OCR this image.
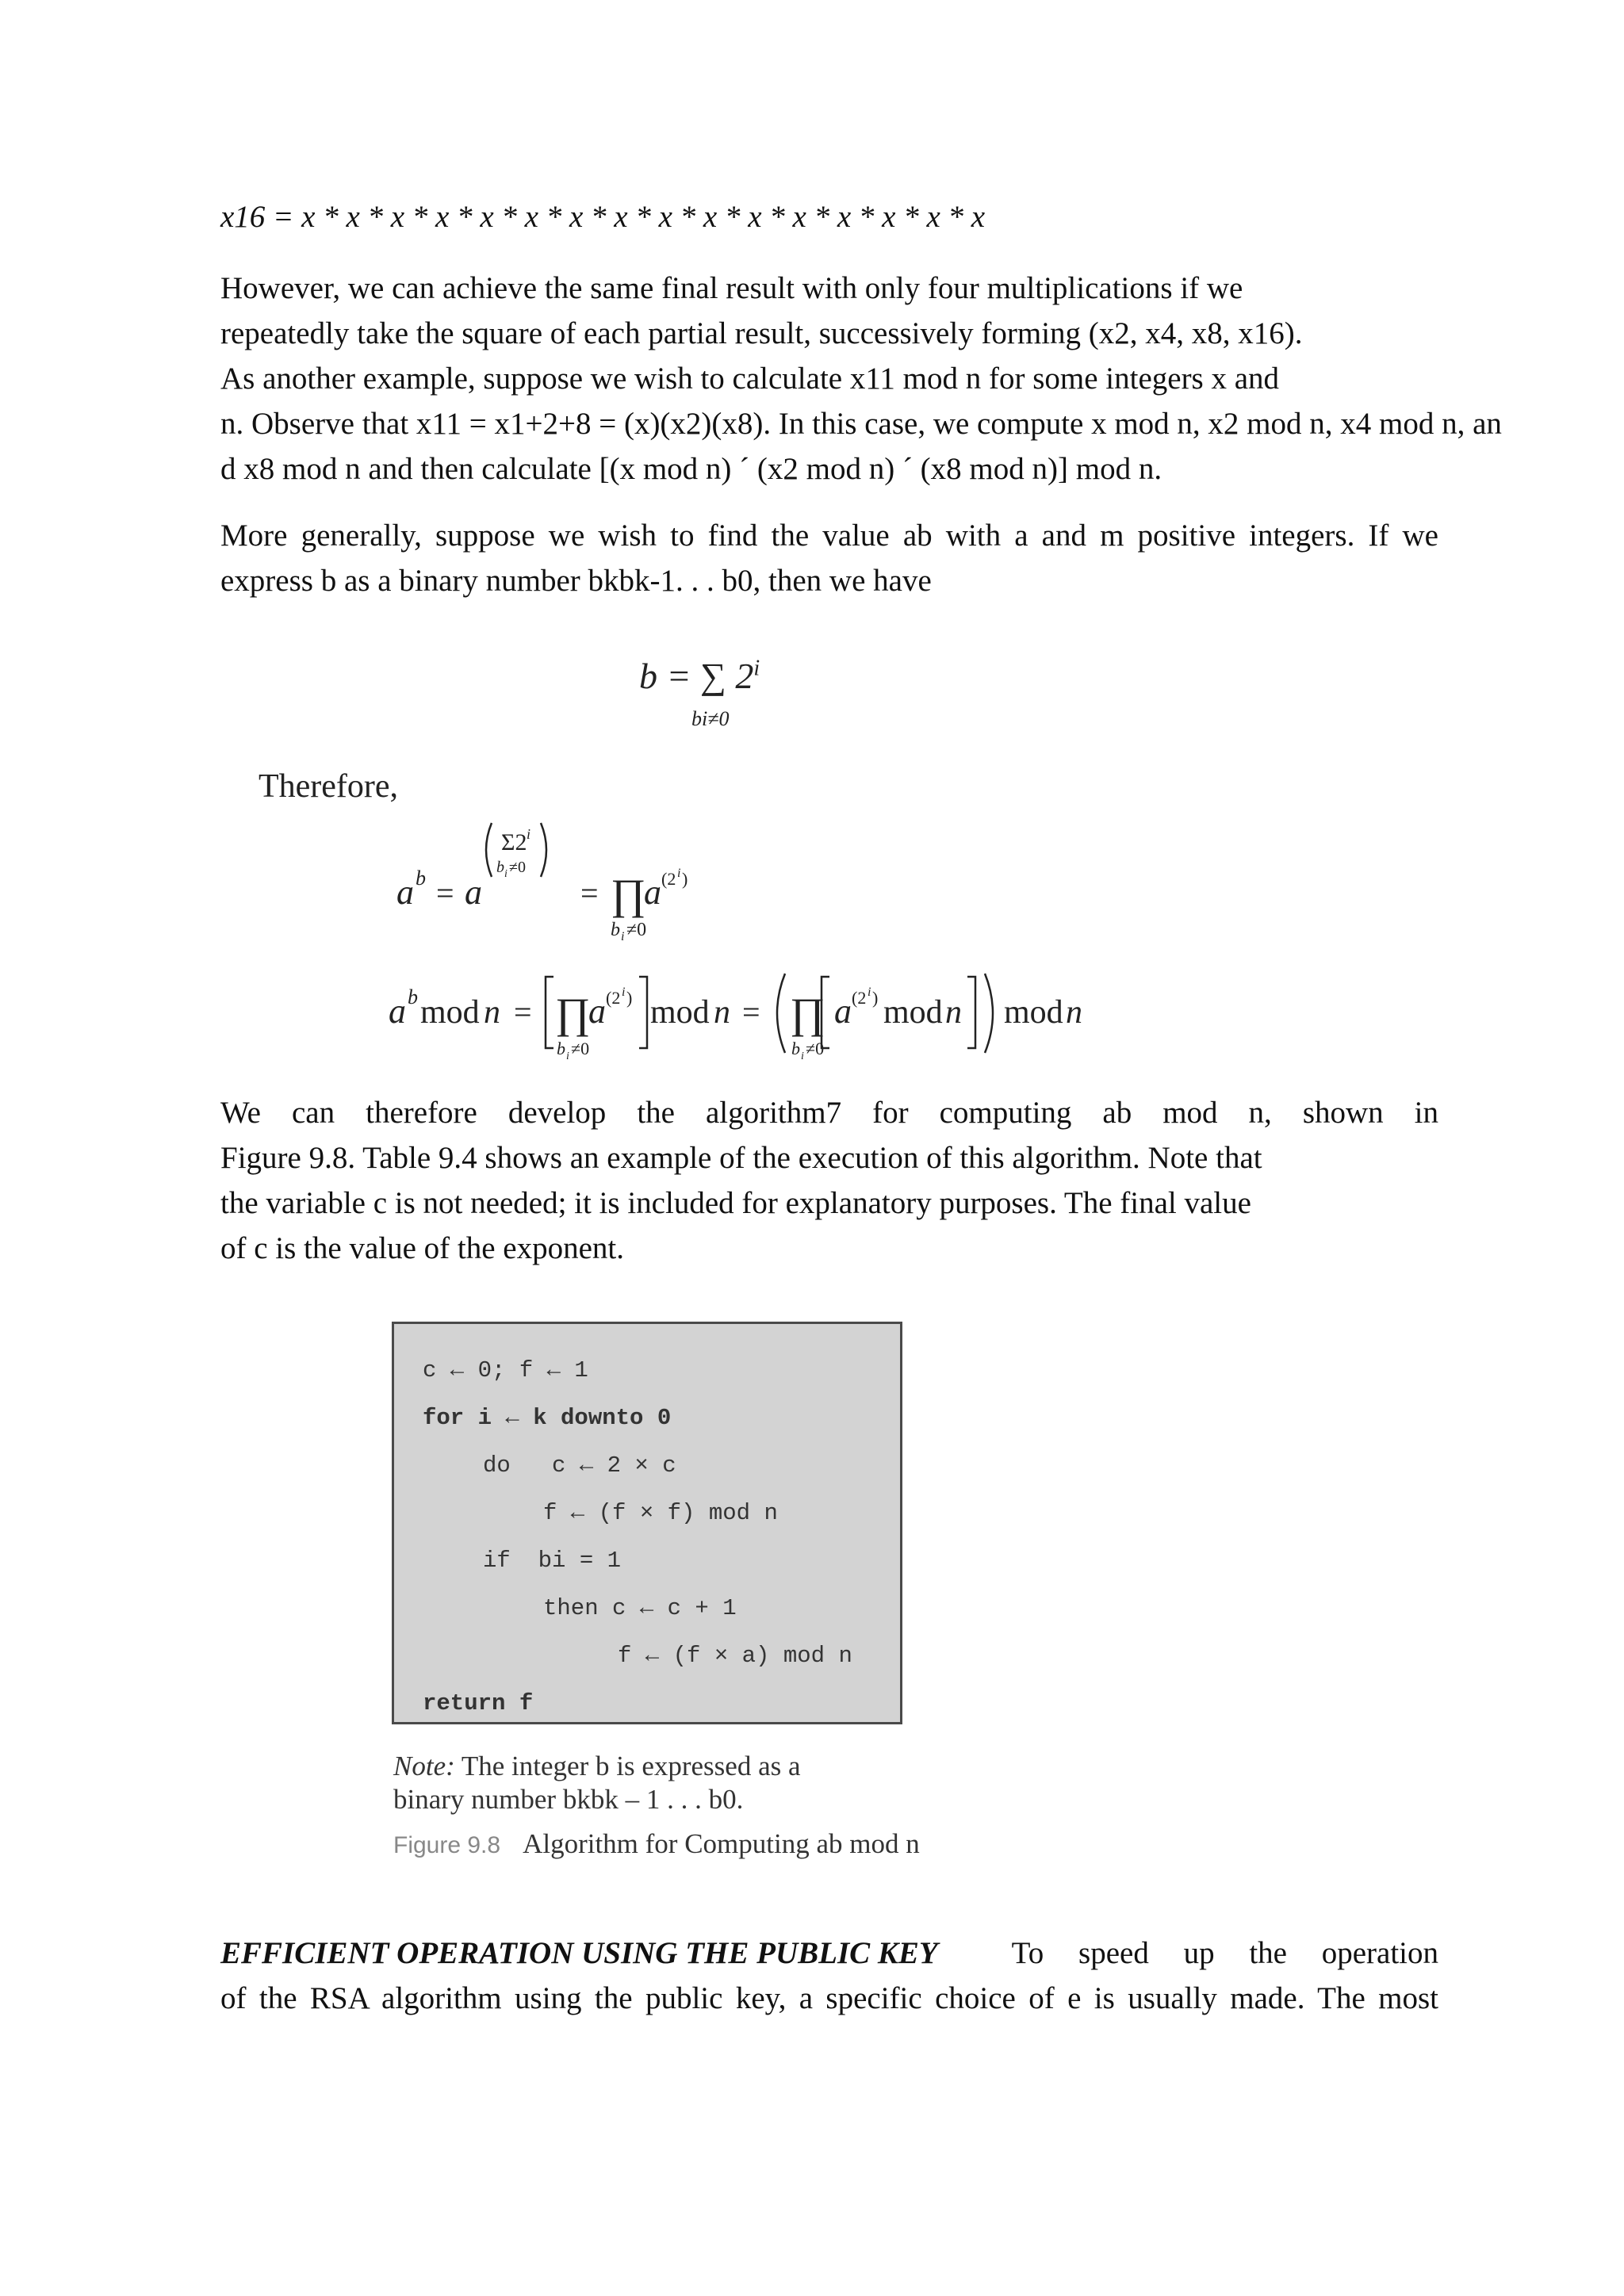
x16 = x * x * x * x * x * x * x * x * x * x * x * x * x * x * x * x
However, we can achieve the same final result with only four multiplications if we
repeatedly take the square of each partial result, successively forming (x2, x4, x8, x16).
As another example, suppose we wish to calculate x11 mod n for some integers x and
n. Observe that x11 = x1+2+8 = (x)(x2)(x8). In this case, we compute x mod n, x2 mod n, x4 mod n, an
d x8 mod n and then calculate [(x mod n) ´ (x2 mod n) ´ (x8 mod n)] mod n.
More generally, suppose we wish to find the value ab with a and m positive integers. If we
express b as a binary number bkbk-1. . . b0, then we have
b = ∑ 2$^i$
bi≠0
Therefore,
a b = a
Σ2 i
b i ≠0
= ∏
a (2 i )
b i ≠0
a b mod n = ∏
a (2 i )
b i ≠0
mod n = ∏ a (2 i ) mod n
b i ≠0
mod n
We can therefore develop the algorithm7 for computing ab mod n, shown in
Figure 9.8. Table 9.4 shows an example of the execution of this algorithm. Note that
the variable c is not needed; it is included for explanatory purposes. The final value
of c is the value of the exponent.
c ← 0; f ← 1
for i ← k downto 0
do   c ← 2 × c
f ← (f × f) mod n
if  bi = 1
then c ← c + 1
f ← (f × a) mod n
return f
Note: The integer b is expressed as a
binary number bkbk – 1 . . . b0.
Figure 9.8 Algorithm for Computing ab mod n
EFFICIENT OPERATION USING THE PUBLIC KEY To speed up the operation
of the RSA algorithm using the public key, a specific choice of e is usually made. The most
